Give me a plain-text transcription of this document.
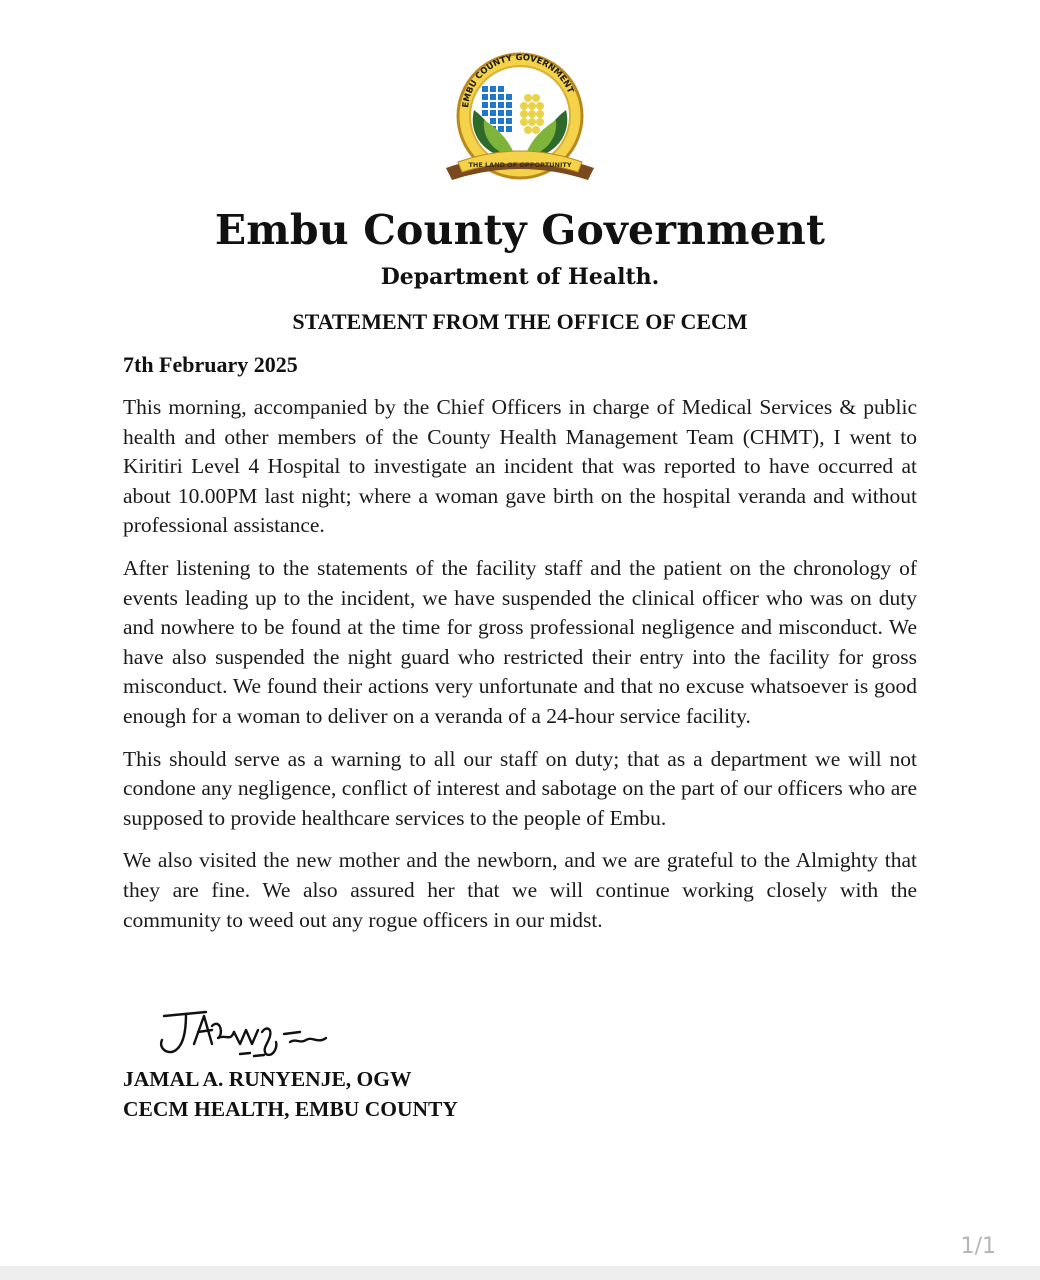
EMBU COUNTY GOVERNMENT
THE LAND OF OPPORTUNITY
Embu County Government
Department of Health.
STATEMENT FROM THE OFFICE OF CECM
7th February 2025

This morning, accompanied by the Chief Officers in charge of Medical Services & public health and other members of the County Health Management Team (CHMT), I went to Kiritiri Level 4 Hospital to investigate an incident that was reported to have occurred at about 10.00PM last night; where a woman gave birth on the hospital veranda and without professional assistance.

After listening to the statements of the facility staff and the patient on the chronology of events leading up to the incident, we have suspended the clinical officer who was on duty and nowhere to be found at the time for gross professional negligence and misconduct. We have also suspended the night guard who restricted their entry into the facility for gross misconduct. We found their actions very unfortunate and that no excuse whatsoever is good enough for a woman to deliver on a veranda of a 24-hour service facility.

This should serve as a warning to all our staff on duty; that as a department we will not condone any negligence, conflict of interest and sabotage on the part of our officers who are supposed to provide healthcare services to the people of Embu.

We also visited the new mother and the newborn, and we are grateful to the Almighty that they are fine. We also assured her that we will continue working closely with the community to weed out any rogue officers in our midst.

JAMAL A. RUNYENJE, OGW
CECM HEALTH, EMBU COUNTY
1/1
